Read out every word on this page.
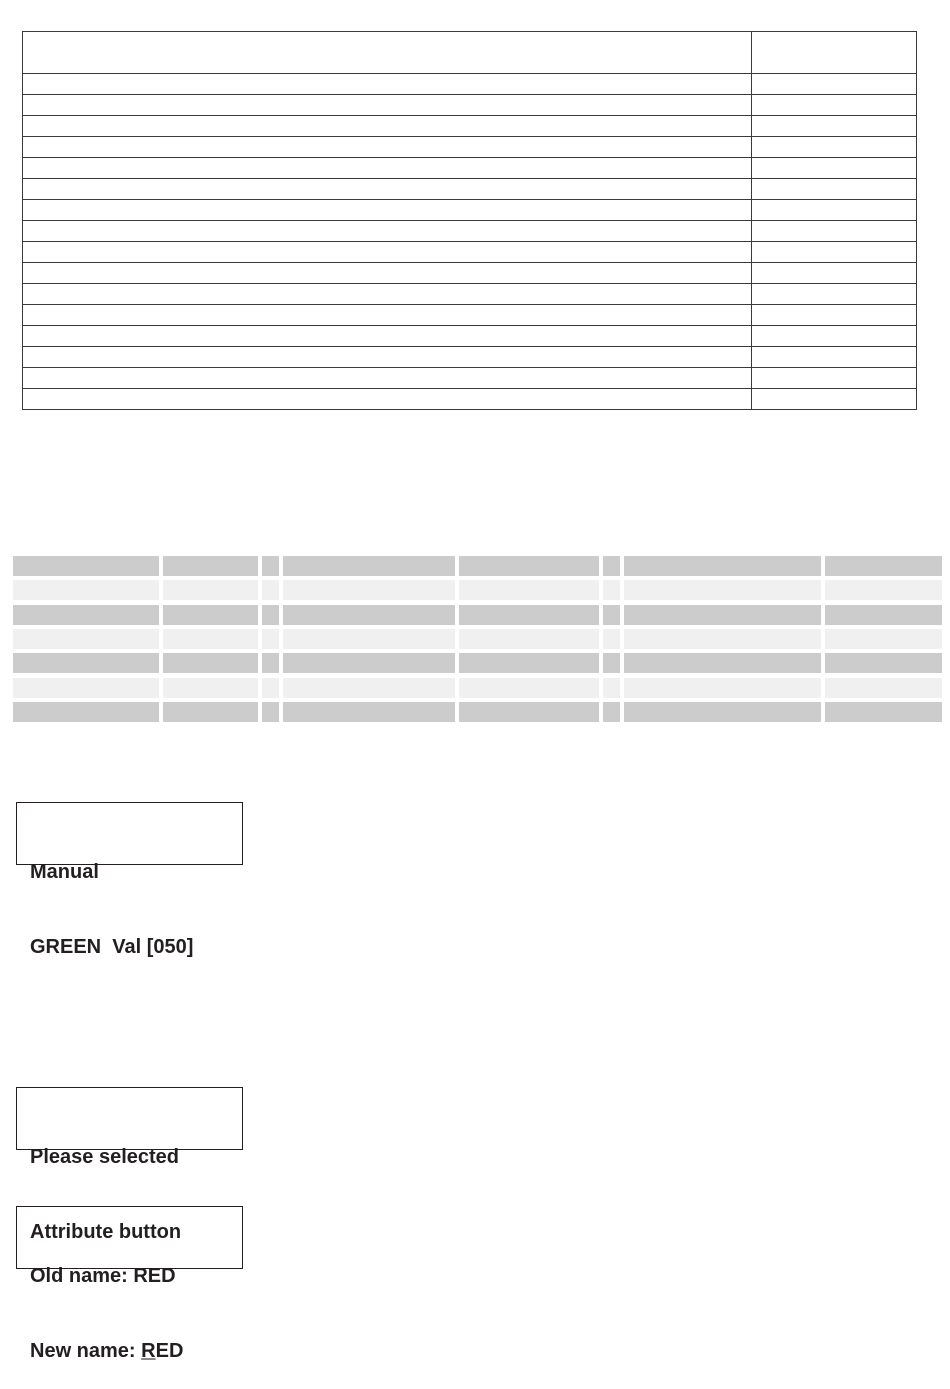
Manual

GREEN  Val [050]

Please selected

Attribute button

Old name: RED

New name: RED
